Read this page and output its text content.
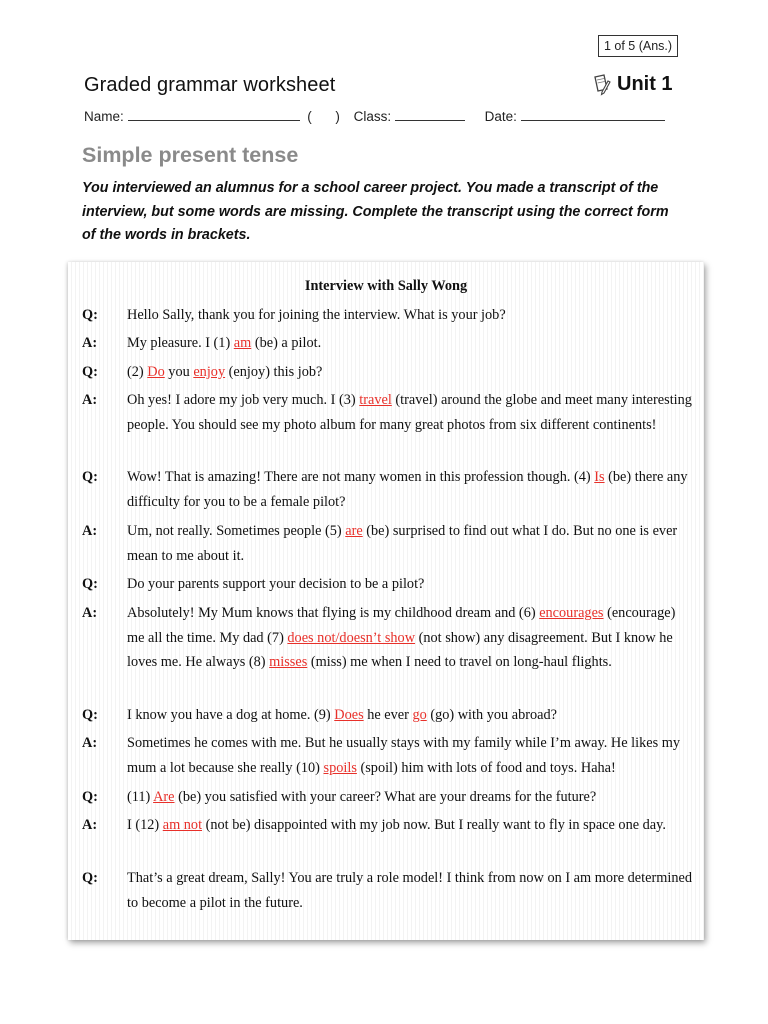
1 of 5 (Ans.)
Graded grammar worksheet	Unit 1
Name:	( ) Class:	Date:
Simple present tense
You interviewed an alumnus for a school career project. You made a transcript of the interview, but some words are missing. Complete the transcript using the correct form of the words in brackets.
Interview with Sally Wong
Q: Hello Sally, thank you for joining the interview. What is your job?
A: My pleasure. I (1) am (be) a pilot.
Q: (2) Do you enjoy (enjoy) this job?
A: Oh yes! I adore my job very much. I (3) travel (travel) around the globe and meet many interesting people. You should see my photo album for many great photos from six different continents!
Q: Wow! That is amazing! There are not many women in this profession though. (4) Is (be) there any difficulty for you to be a female pilot?
A: Um, not really. Sometimes people (5) are (be) surprised to find out what I do. But no one is ever mean to me about it.
Q: Do your parents support your decision to be a pilot?
A: Absolutely! My Mum knows that flying is my childhood dream and (6) encourages (encourage) me all the time. My dad (7) does not/doesn’t show (not show) any disagreement. But I know he loves me. He always (8) misses (miss) me when I need to travel on long-haul flights.
Q: I know you have a dog at home. (9) Does he ever go (go) with you abroad?
A: Sometimes he comes with me. But he usually stays with my family while I’m away. He likes my mum a lot because she really (10) spoils (spoil) him with lots of food and toys. Haha!
Q: (11) Are (be) you satisfied with your career? What are your dreams for the future?
A: I (12) am not (not be) disappointed with my job now. But I really want to fly in space one day.
Q: That’s a great dream, Sally! You are truly a role model! I think from now on I am more determined to become a pilot in the future.
